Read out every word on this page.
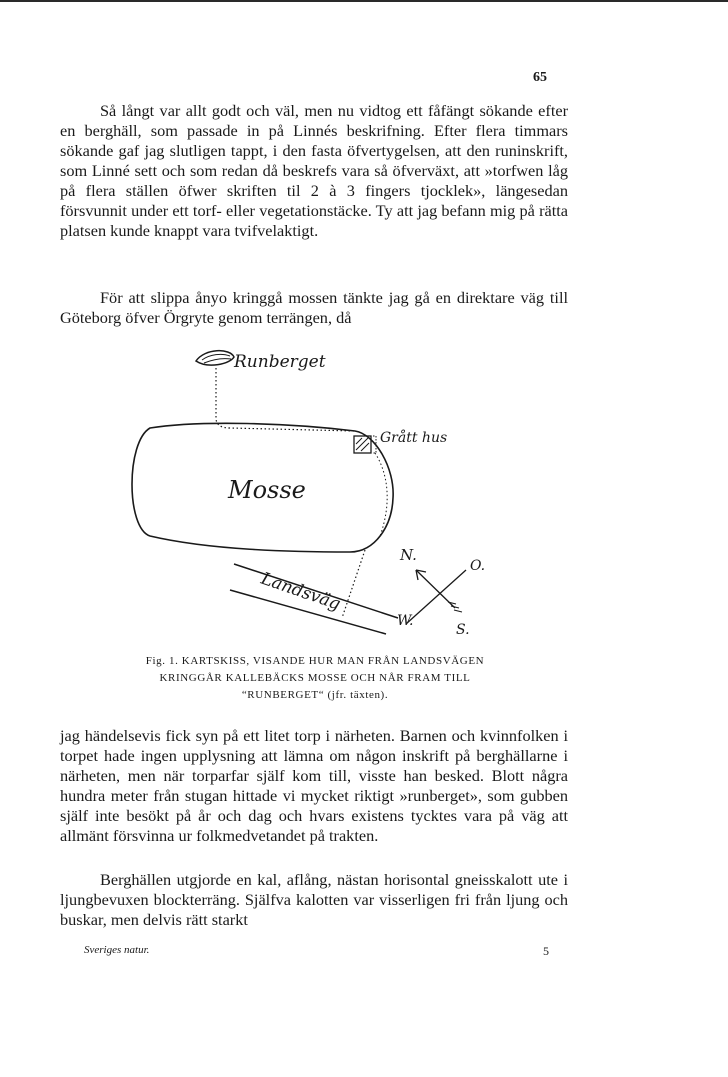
65

Så långt var allt godt och väl, men nu vidtog ett fåfängt sökande efter en berghäll, som passade in på Linnés beskrifning. Efter flera timmars sökande gaf jag slutligen tappt, i den fasta öfvertygelsen, att den runinskrift, som Linné sett och som redan då beskrefs vara så öfverväxt, att »torfwen låg på flera ställen öfwer skriften til 2 à 3 fingers tjocklek», längesedan försvunnit under ett torf- eller vegetationstäcke. Ty att jag befann mig på rätta platsen kunde knappt vara tvifvelaktigt.

För att slippa ånyo kringgå mossen tänkte jag gå en direktare väg till Göteborg öfver Örgryte genom terrängen, då

Runberget
Grått hus
Mosse
Landsväg
N.
O.
S.
W.
Fig. 1. KARTSKISS, VISANDE HUR MAN FRÅN LANDSVÄGEN
KRINGGÅR KALLEBÄCKS MOSSE OCH NÅR FRAM TILL
“RUNBERGET“ (jfr. täxten).

jag händelsevis fick syn på ett litet torp i närheten. Barnen och kvinnfolken i torpet hade ingen upplysning att lämna om någon inskrift på berghällarne i närheten, men när torparfar själf kom till, visste han besked. Blott några hundra meter från stugan hittade vi mycket riktigt »runberget», som gubben själf inte besökt på år och dag och hvars existens tycktes vara på väg att allmänt försvinna ur folkmedvetandet på trakten.

Berghällen utgjorde en kal, aflång, nästan horisontal gneisskalott ute i ljungbevuxen blockterräng. Själfva kalotten var visserligen fri från ljung och buskar, men delvis rätt starkt

Sveriges natur.	5
